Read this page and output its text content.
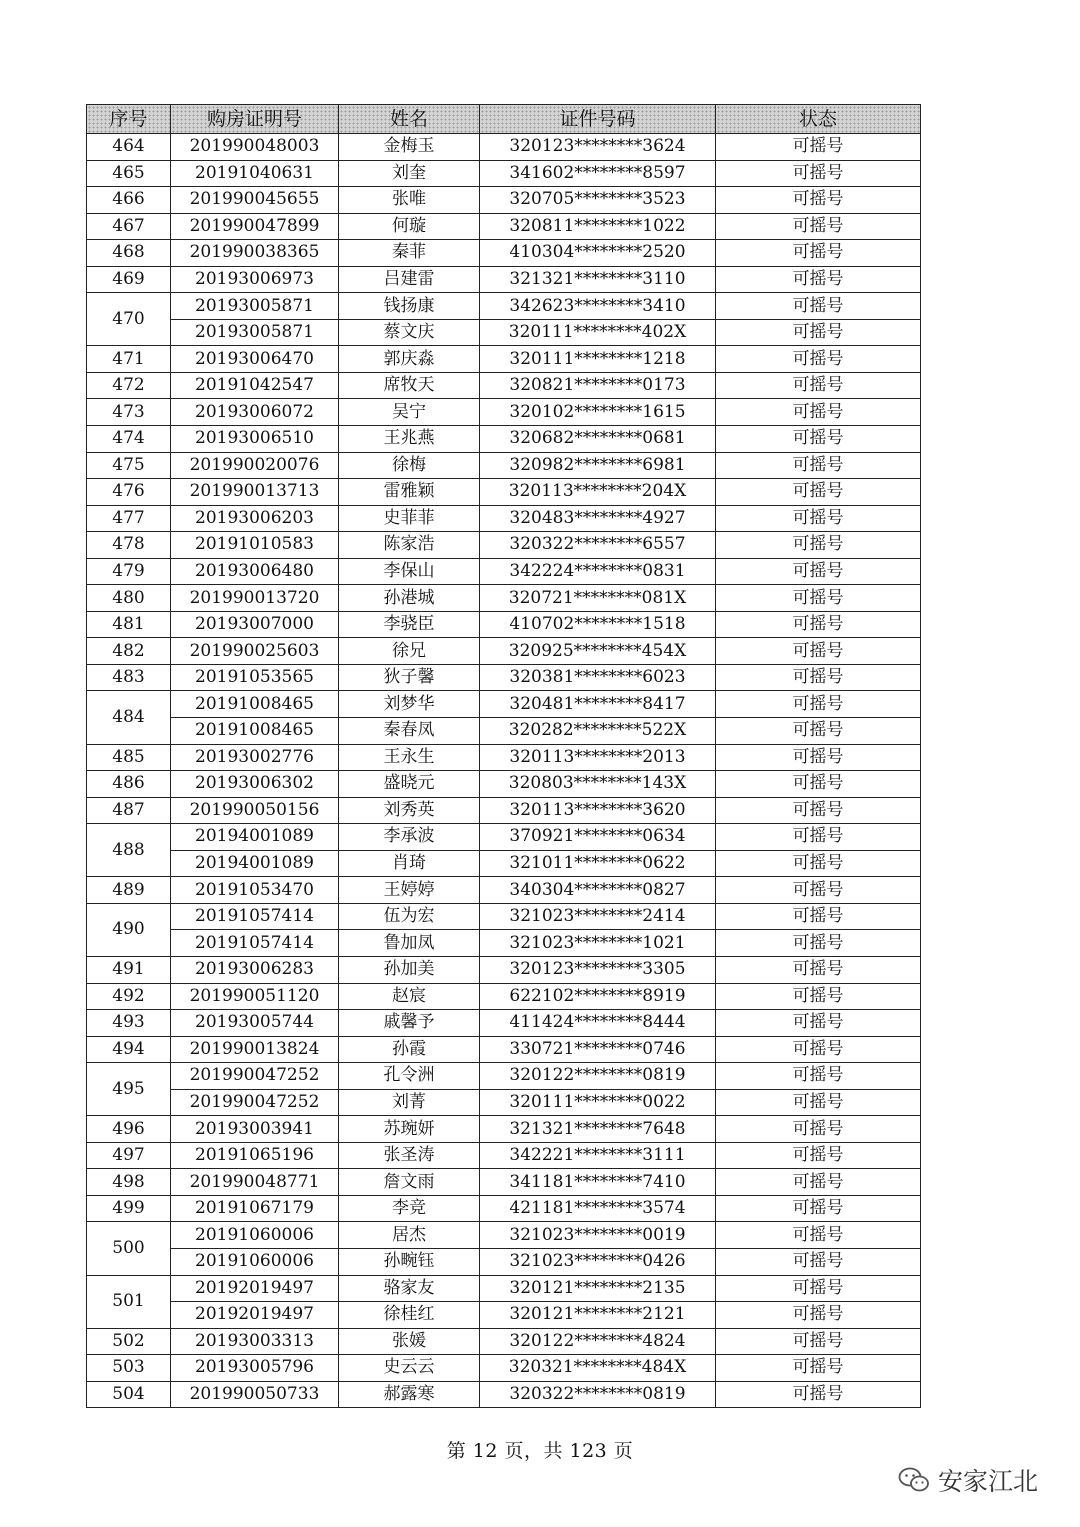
序号	购房证明号	姓名	证件号码	状态
464	201990048003	金梅玉	320123********3624	可摇号
465	20191040631	刘奎	341602********8597	可摇号
466	201990045655	张唯	320705********3523	可摇号
467	201990047899	何璇	320811********1022	可摇号
468	201990038365	秦菲	410304********2520	可摇号
469	20193006973	吕建雷	321321********3110	可摇号
470	20193005871	钱扬康	342623********3410	可摇号
	20193005871	蔡文庆	320111********402X	可摇号
471	20193006470	郭庆淼	320111********1218	可摇号
472	20191042547	席牧天	320821********0173	可摇号
473	20193006072	吴宁	320102********1615	可摇号
474	20193006510	王兆燕	320682********0681	可摇号
475	201990020076	徐梅	320982********6981	可摇号
476	201990013713	雷雅颖	320113********204X	可摇号
477	20193006203	史菲菲	320483********4927	可摇号
478	20191010583	陈家浩	320322********6557	可摇号
479	20193006480	李保山	342224********0831	可摇号
480	201990013720	孙港城	320721********081X	可摇号
481	20193007000	李骁臣	410702********1518	可摇号
482	201990025603	徐兄	320925********454X	可摇号
483	20191053565	狄子馨	320381********6023	可摇号
484	20191008465	刘梦华	320481********8417	可摇号
	20191008465	秦春凤	320282********522X	可摇号
485	20193002776	王永生	320113********2013	可摇号
486	20193006302	盛晓元	320803********143X	可摇号
487	201990050156	刘秀英	320113********3620	可摇号
488	20194001089	李承波	370921********0634	可摇号
	20194001089	肖琦	321011********0622	可摇号
489	20191053470	王婷婷	340304********0827	可摇号
490	20191057414	伍为宏	321023********2414	可摇号
	20191057414	鲁加凤	321023********1021	可摇号
491	20193006283	孙加美	320123********3305	可摇号
492	201990051120	赵宸	622102********8919	可摇号
493	20193005744	戚馨予	411424********8444	可摇号
494	201990013824	孙霞	330721********0746	可摇号
495	201990047252	孔令洲	320122********0819	可摇号
	201990047252	刘菁	320111********0022	可摇号
496	20193003941	苏琬妍	321321********7648	可摇号
497	20191065196	张圣涛	342221********3111	可摇号
498	201990048771	詹文雨	341181********7410	可摇号
499	20191067179	李竞	421181********3574	可摇号
500	20191060006	居杰	321023********0019	可摇号
	20191060006	孙畹钰	321023********0426	可摇号
501	20192019497	骆家友	320121********2135	可摇号
	20192019497	徐桂红	320121********2121	可摇号
502	20193003313	张媛	320122********4824	可摇号
503	20193005796	史云云	320321********484X	可摇号
504	201990050733	郝露寒	320322********0819	可摇号
第 12 页，共 123 页
安家江北
